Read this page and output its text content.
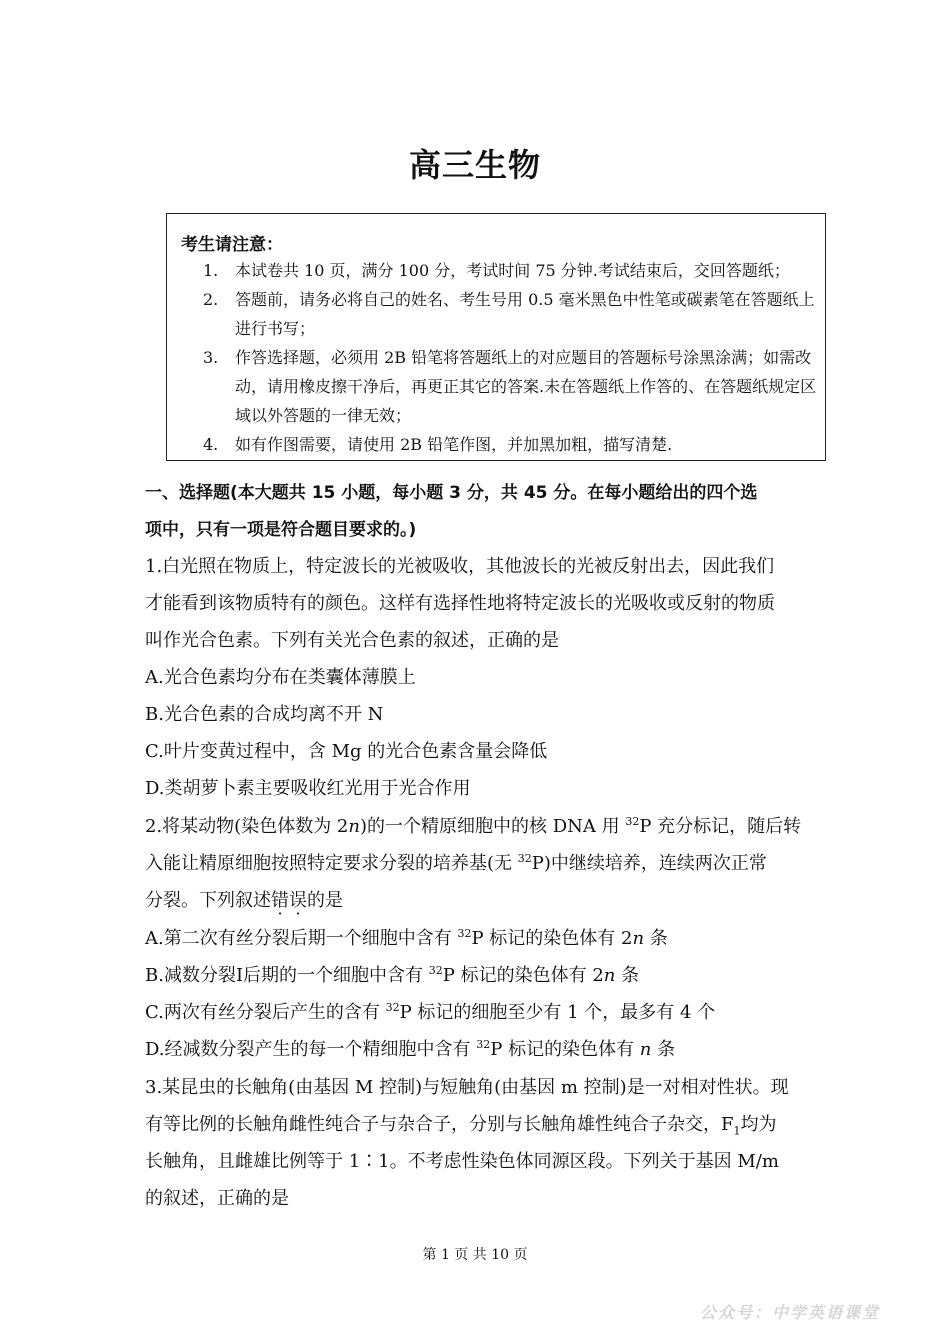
高三生物
考生请注意：
1. 本试卷共 10 页，满分 100 分，考试时间 75 分钟.考试结束后，交回答题纸；
2. 答题前，请务必将自己的姓名、考生号用 0.5 毫米黑色中性笔或碳素笔在答题纸上进行书写；
3. 作答选择题，必须用 2B 铅笔将答题纸上的对应题目的答题标号涂黑涂满；如需改动，请用橡皮擦干净后，再更正其它的答案.未在答题纸上作答的、在答题纸规定区域以外答题的一律无效；
4. 如有作图需要，请使用 2B 铅笔作图，并加黑加粗，描写清楚.
一、选择题(本大题共 15 小题，每小题 3 分，共 45 分。在每小题给出的四个选
项中，只有一项是符合题目要求的。)
1.白光照在物质上，特定波长的光被吸收，其他波长的光被反射出去，因此我们
才能看到该物质特有的颜色。这样有选择性地将特定波长的光吸收或反射的物质
叫作光合色素。下列有关光合色素的叙述，正确的是
A.光合色素均分布在类囊体薄膜上
B.光合色素的合成均离不开 N
C.叶片变黄过程中，含 Mg 的光合色素含量会降低
D.类胡萝卜素主要吸收红光用于光合作用
2.将某动物(染色体数为 2n)的一个精原细胞中的核 DNA 用 $^{32}$P 充分标记，随后转
入能让精原细胞按照特定要求分裂的培养基(无 $^{32}$P)中继续培养，连续两次正常
分裂。下列叙述错误的是
A.第二次有丝分裂后期一个细胞中含有 $^{32}$P 标记的染色体有 2n 条
B.减数分裂Ⅰ后期的一个细胞中含有 $^{32}$P 标记的染色体有 2n 条
C.两次有丝分裂后产生的含有 $^{32}$P 标记的细胞至少有 1 个，最多有 4 个
D.经减数分裂产生的每一个精细胞中含有 $^{32}$P 标记的染色体有 n 条
3.某昆虫的长触角(由基因 M 控制)与短触角(由基因 m 控制)是一对相对性状。现
有等比例的长触角雌性纯合子与杂合子，分别与长触角雄性纯合子杂交，$F_1$均为
长触角，且雌雄比例等于 1∶1。不考虑性染色体同源区段。下列关于基因 M/m
的叙述，正确的是
第 1 页 共 10 页
公众号：中学英语课堂
